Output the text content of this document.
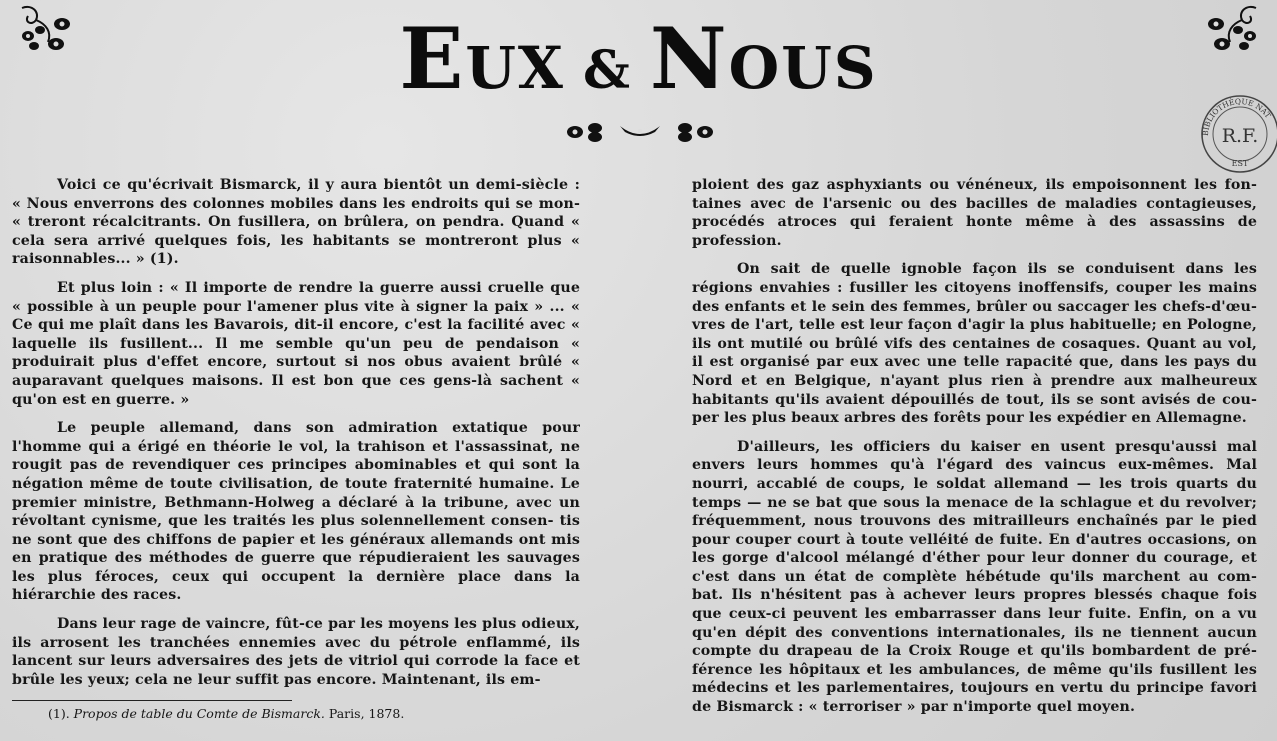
EUX & NOUS
BIBLIOTHÈQUE NAT
R.F.
EST

Voici ce qu'écrivait Bismarck, il y aura bientôt un demi-siècle : « Nous enverrons des colonnes mobiles dans les endroits qui se mon- « treront récalcitrants. On fusillera, on brûlera, on pendra. Quand « cela sera arrivé quelques fois, les habitants se montreront plus « raisonnables... » (1).

Et plus loin : « Il importe de rendre la guerre aussi cruelle que « possible à un peuple pour l'amener plus vite à signer la paix » ... « Ce qui me plaît dans les Bavarois, dit-il encore, c'est la facilité avec « laquelle ils fusillent... Il me semble qu'un peu de pendaison « produirait plus d'effet encore, surtout si nos obus avaient brûlé « auparavant quelques maisons. Il est bon que ces gens-là sachent « qu'on est en guerre. »

Le peuple allemand, dans son admiration extatique pour l'homme qui a érigé en théorie le vol, la trahison et l'assassinat, ne rougit pas de revendiquer ces principes abominables et qui sont la négation même de toute civilisation, de toute fraternité humaine. Le premier ministre, Bethmann-Holweg a déclaré à la tribune, avec un révoltant cynisme, que les traités les plus solennellement consen- tis ne sont que des chiffons de papier et les généraux allemands ont mis en pratique des méthodes de guerre que répudieraient les sauvages les plus féroces, ceux qui occupent la dernière place dans la hiérarchie des races.

Dans leur rage de vaincre, fût-ce par les moyens les plus odieux, ils arrosent les tranchées ennemies avec du pétrole enflammé, ils lancent sur leurs adversaires des jets de vitriol qui corrode la face et brûle les yeux; cela ne leur suffit pas encore. Maintenant, ils em-

(1). Propos de table du Comte de Bismarck. Paris, 1878.

ploient des gaz asphyxiants ou vénéneux, ils empoisonnent les fon- taines avec de l'arsenic ou des bacilles de maladies contagieuses, procédés atroces qui feraient honte même à des assassins de profession.

On sait de quelle ignoble façon ils se conduisent dans les régions envahies : fusiller les citoyens inoffensifs, couper les mains des enfants et le sein des femmes, brûler ou saccager les chefs-d'œu- vres de l'art, telle est leur façon d'agir la plus habituelle; en Pologne, ils ont mutilé ou brûlé vifs des centaines de cosaques. Quant au vol, il est organisé par eux avec une telle rapacité que, dans les pays du Nord et en Belgique, n'ayant plus rien à prendre aux malheureux habitants qu'ils avaient dépouillés de tout, ils se sont avisés de cou- per les plus beaux arbres des forêts pour les expédier en Allemagne.

D'ailleurs, les officiers du kaiser en usent presqu'aussi mal envers leurs hommes qu'à l'égard des vaincus eux-mêmes. Mal nourri, accablé de coups, le soldat allemand — les trois quarts du temps — ne se bat que sous la menace de la schlague et du revolver; fréquemment, nous trouvons des mitrailleurs enchaînés par le pied pour couper court à toute velléité de fuite. En d'autres occasions, on les gorge d'alcool mélangé d'éther pour leur donner du courage, et c'est dans un état de complète hébétude qu'ils marchent au com- bat. Ils n'hésitent pas à achever leurs propres blessés chaque fois que ceux-ci peuvent les embarrasser dans leur fuite. Enfin, on a vu qu'en dépit des conventions internationales, ils ne tiennent aucun compte du drapeau de la Croix Rouge et qu'ils bombardent de pré- férence les hôpitaux et les ambulances, de même qu'ils fusillent les médecins et les parlementaires, toujours en vertu du principe favori de Bismarck : « terroriser » par n'importe quel moyen.
